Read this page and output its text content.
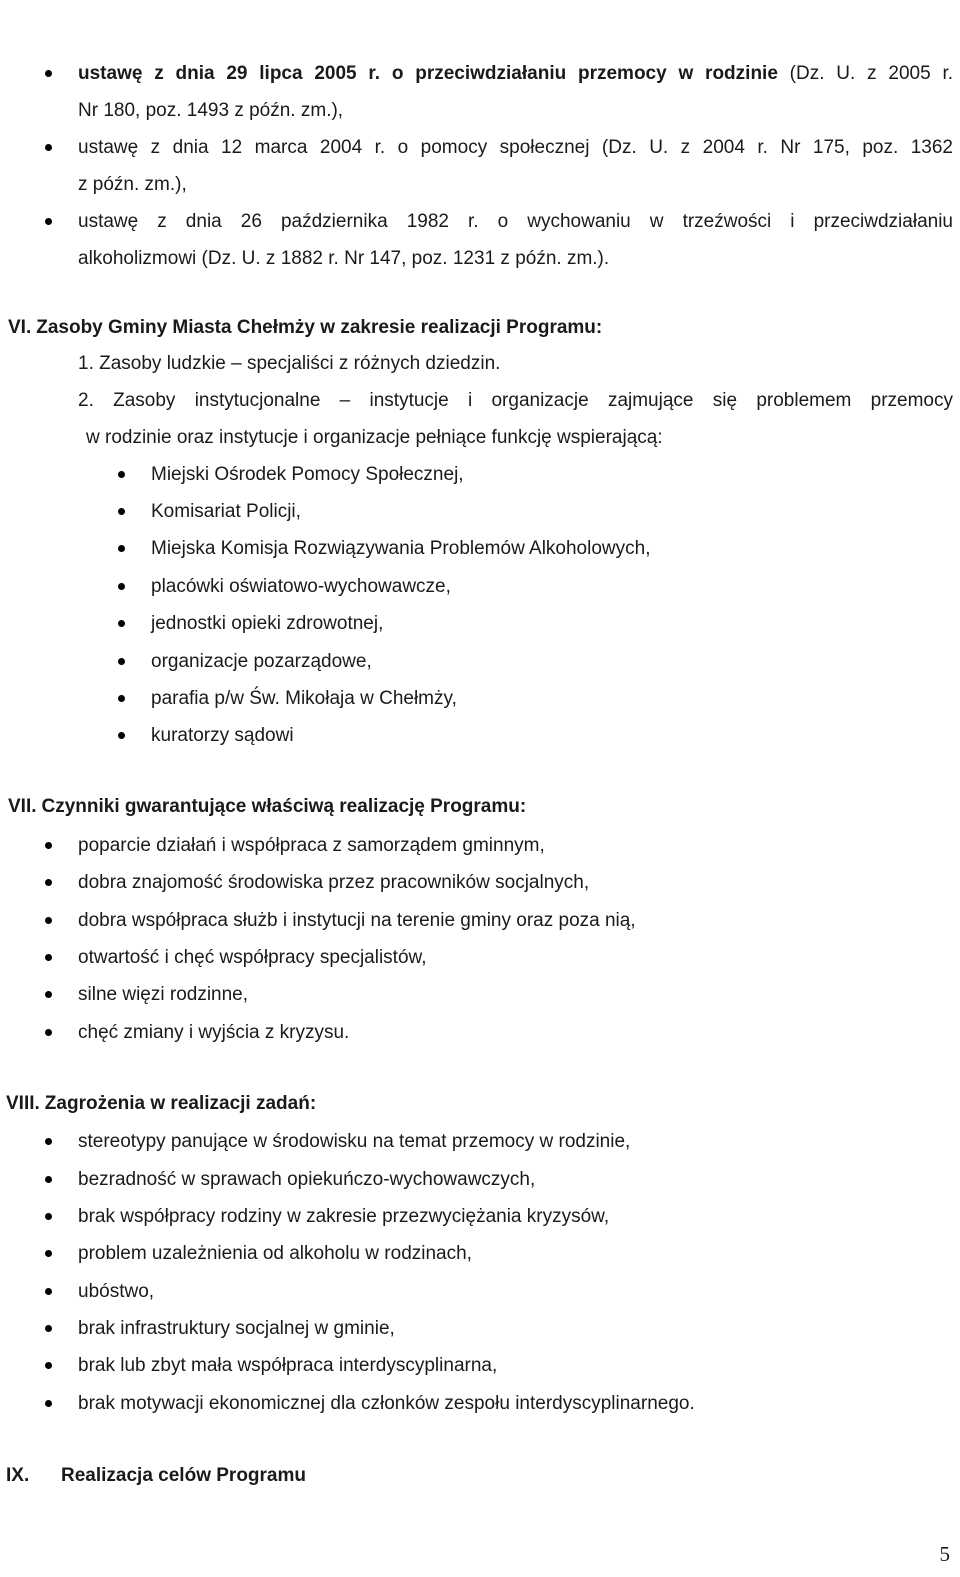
ustawę z dnia 29 lipca 2005 r. o przeciwdziałaniu przemocy w rodzinie (Dz. U. z 2005 r.
Nr 180, poz. 1493 z późn. zm.),
ustawę z dnia 12 marca 2004 r. o pomocy społecznej (Dz. U. z 2004 r. Nr 175, poz. 1362
z późn. zm.),
ustawę z dnia 26 października 1982 r. o wychowaniu w trzeźwości i przeciwdziałaniu
alkoholizmowi (Dz. U. z 1882 r. Nr 147, poz. 1231 z późn. zm.).
VI. Zasoby Gminy Miasta Chełmży w zakresie realizacji Programu:
1. Zasoby ludzkie – specjaliści z różnych dziedzin.
2. Zasoby instytucjonalne – instytucje i organizacje zajmujące się problemem przemocy
w rodzinie oraz instytucje i organizacje pełniące funkcję wspierającą:
Miejski Ośrodek Pomocy Społecznej,
Komisariat Policji,
Miejska Komisja Rozwiązywania Problemów Alkoholowych,
placówki oświatowo-wychowawcze,
jednostki opieki zdrowotnej,
organizacje pozarządowe,
parafia p/w Św. Mikołaja w Chełmży,
kuratorzy sądowi
VII. Czynniki gwarantujące właściwą realizację Programu:
poparcie działań i współpraca z samorządem gminnym,
dobra znajomość środowiska przez pracowników socjalnych,
dobra współpraca służb i instytucji na terenie gminy oraz poza nią,
otwartość i chęć współpracy specjalistów,
silne więzi rodzinne,
chęć zmiany i wyjścia z kryzysu.
VIII. Zagrożenia w realizacji zadań:
stereotypy panujące w środowisku na temat przemocy w rodzinie,
bezradność w sprawach opiekuńczo-wychowawczych,
brak współpracy rodziny w zakresie przezwyciężania kryzysów,
problem uzależnienia od alkoholu w rodzinach,
ubóstwo,
brak infrastruktury socjalnej w gminie,
brak lub zbyt mała współpraca interdyscyplinarna,
brak motywacji ekonomicznej dla członków zespołu interdyscyplinarnego.
IX. Realizacja celów Programu
5
